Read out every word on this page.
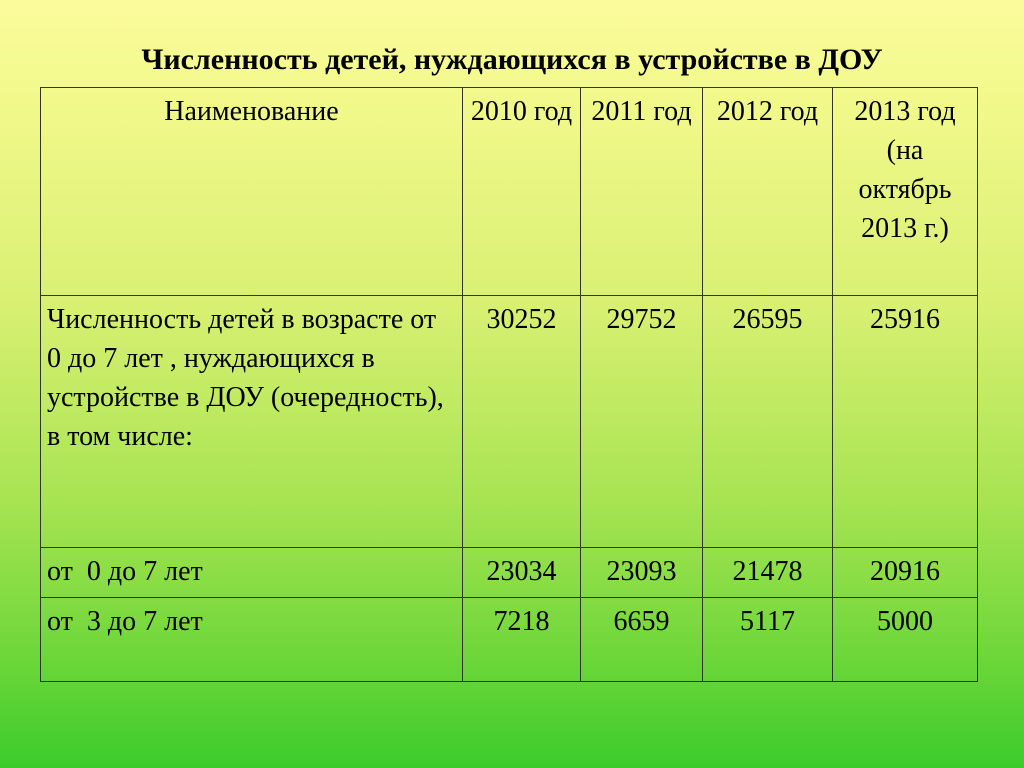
Численность детей, нуждающихся в устройстве в ДОУ
Наименование	2010 год	2011 год	2012 год	2013 год (на октябрь 2013 г.)
Численность детей в возрасте от 0 до 7 лет , нуждающихся в устройстве в ДОУ (очередность), в том числе:	30252	29752	26595	25916
от  0 до 7 лет	23034	23093	21478	20916
от  3 до 7 лет	7218	6659	5117	5000
